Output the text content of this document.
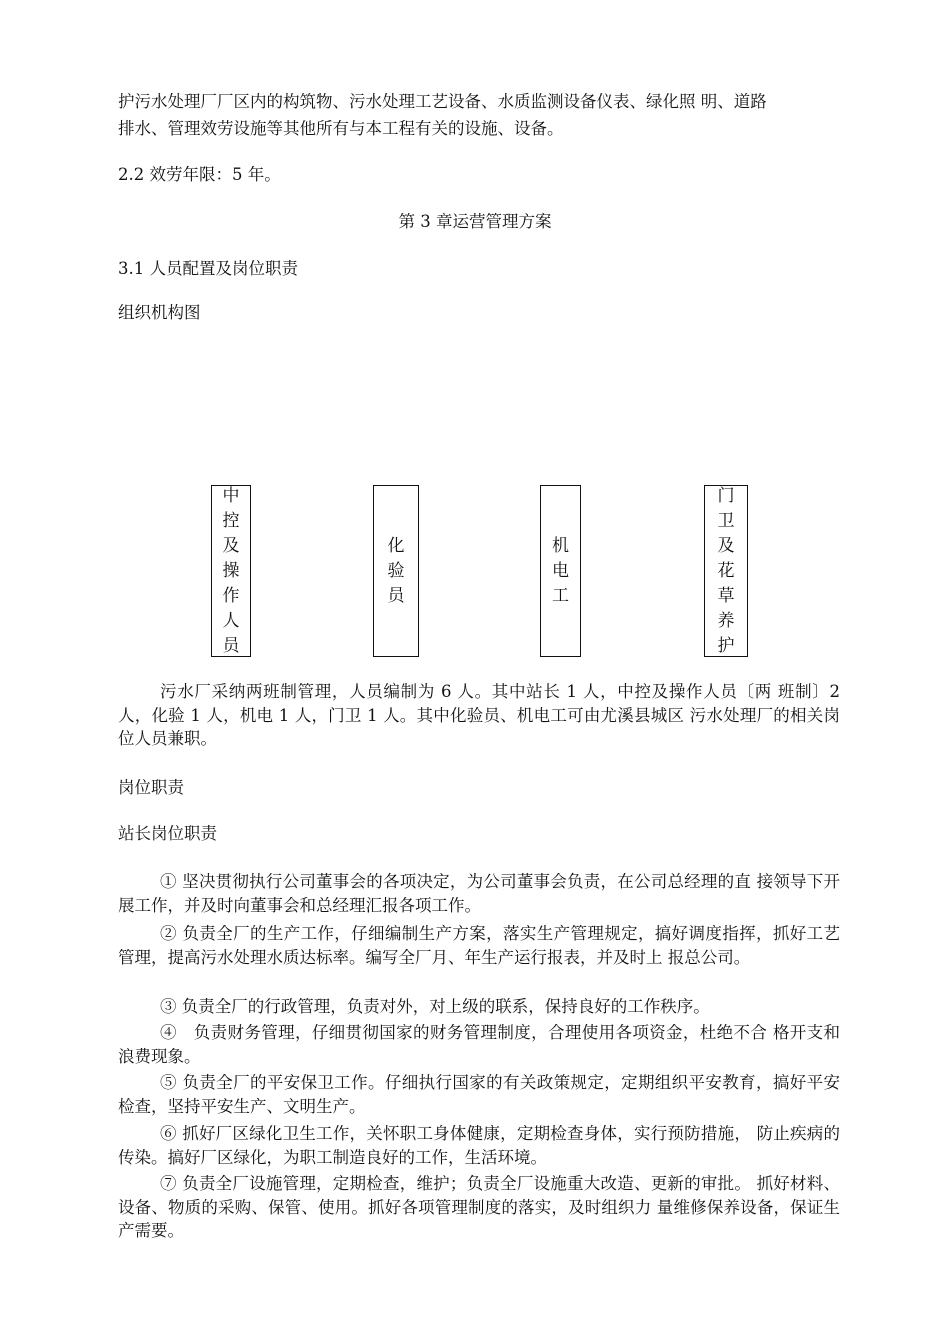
护污水处理厂厂区内的构筑物、污水处理工艺设备、水质监测设备仪表、绿化照 明、道路
排水、管理效劳设施等其他所有与本工程有关的设施、设备。
2.2 效劳年限：5 年。
第 3 章运营管理方案
3.1 人员配置及岗位职责
组织机构图
中
控
及
操
作
人
员
化
验
员
机
电
工
门
卫
及
花
草
养
护
污水厂采纳两班制管理，人员编制为 6 人。其中站长 1 人，中控及操作人员〔两 班制〕2 人，化验 1 人，机电 1 人，门卫 1 人。其中化验员、机电工可由尤溪县城区 污水处理厂的相关岗位人员兼职。
岗位职责
站长岗位职责
① 坚决贯彻执行公司董事会的各项决定，为公司董事会负责，在公司总经理的直 接领导下开展工作，并及时向董事会和总经理汇报各项工作。
② 负责全厂的生产工作，仔细编制生产方案，落实生产管理规定，搞好调度指挥，抓好工艺管理，提高污水处理水质达标率。编写全厂月、年生产运行报表，并及时上 报总公司。
③ 负责全厂的行政管理，负责对外，对上级的联系，保持良好的工作秩序。
④　负责财务管理，仔细贯彻国家的财务管理制度，合理使用各项资金，杜绝不合 格开支和浪费现象。
⑤ 负责全厂的平安保卫工作。仔细执行国家的有关政策规定，定期组织平安教育，搞好平安检查，坚持平安生产、文明生产。
⑥ 抓好厂区绿化卫生工作，关怀职工身体健康，定期检查身体，实行预防措施， 防止疾病的传染。搞好厂区绿化，为职工制造良好的工作，生活环境。
⑦ 负责全厂设施管理，定期检查，维护；负责全厂设施重大改造、更新的审批。 抓好材料、设备、物质的采购、保管、使用。抓好各项管理制度的落实，及时组织力 量维修保养设备，保证生产需要。
